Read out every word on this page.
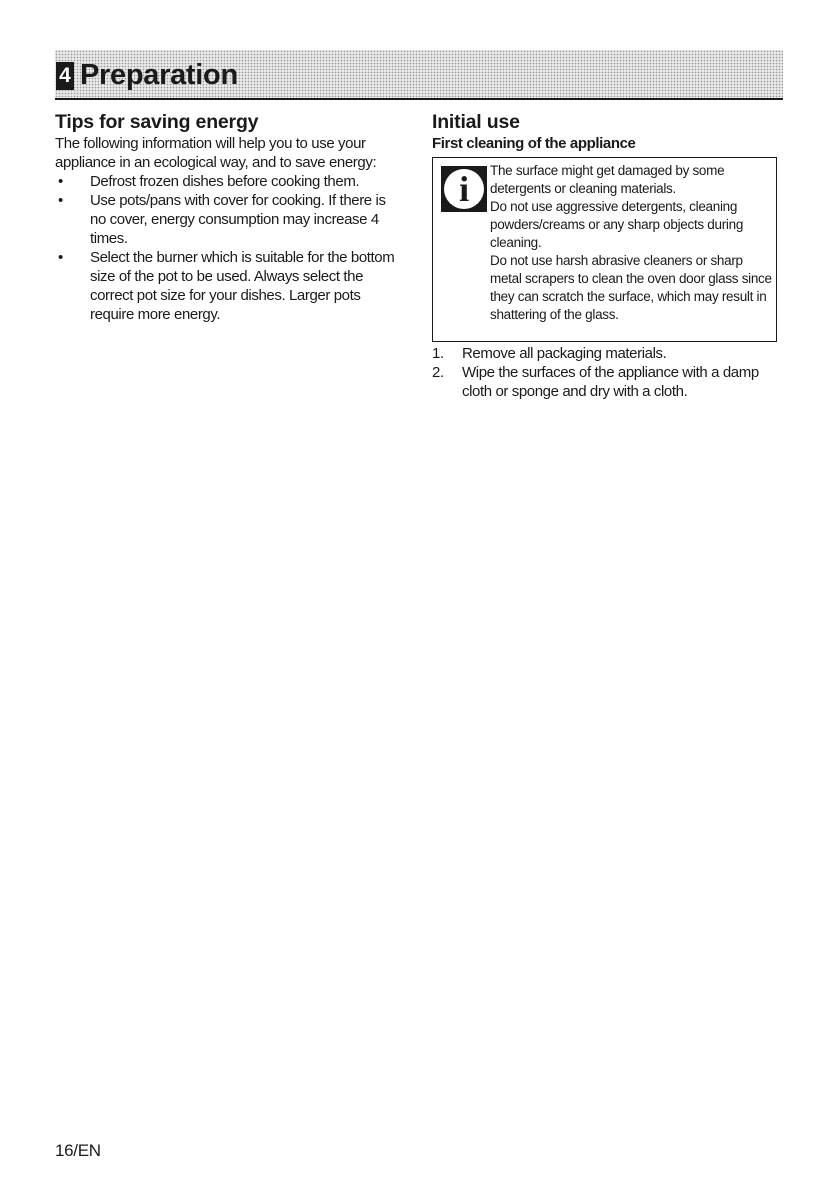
4 Preparation
Tips for saving energy

The following information will help you to use your appliance in an ecological way, and to save energy:

• Defrost frozen dishes before cooking them.
• Use pots/pans with cover for cooking. If there is no cover, energy consumption may increase 4 times.
• Select the burner which is suitable for the bottom size of the pot to be used. Always select the correct pot size for your dishes. Larger pots require more energy.
Initial use
First cleaning of the appliance
i	The surface might get damaged by some detergents or cleaning materials.

Do not use aggressive detergents, cleaning powders/creams or any sharp objects during cleaning.

Do not use harsh abrasive cleaners or sharp metal scrapers to clean the oven door glass since they can scratch the surface, which may result in shattering of the glass.

1. Remove all packaging materials.
2. Wipe the surfaces of the appliance with a damp cloth or sponge and dry with a cloth.
16/EN
